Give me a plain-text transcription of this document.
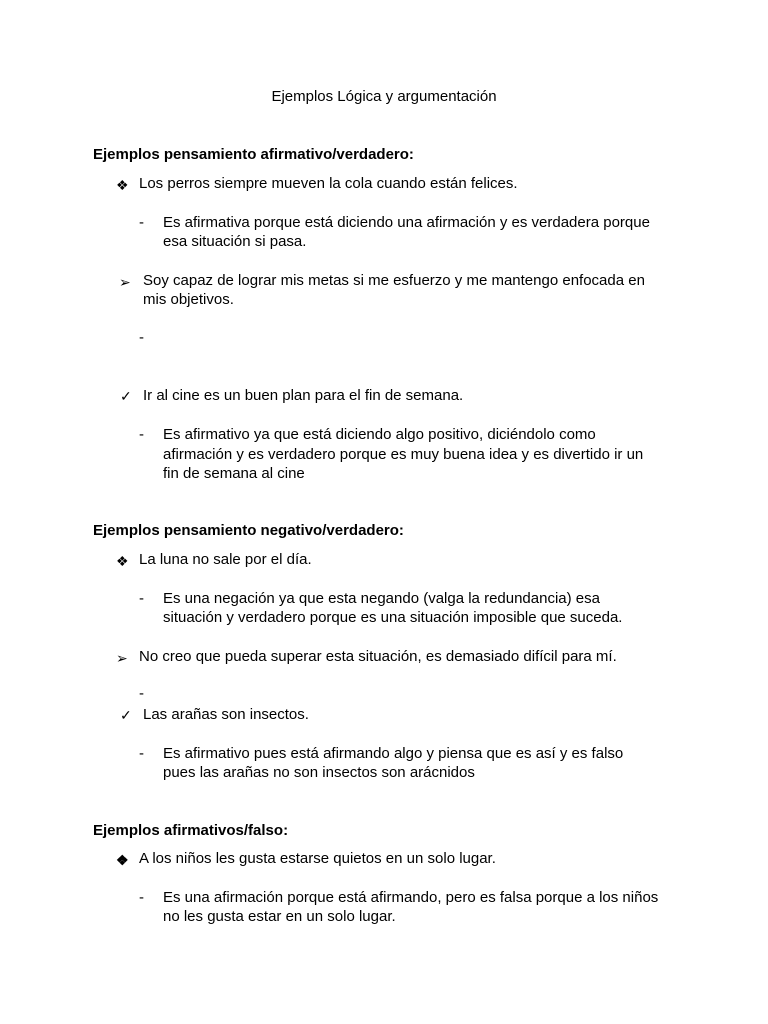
Ejemplos Lógica y argumentación
Ejemplos pensamiento afirmativo/verdadero:
❖ Los perros siempre mueven la cola cuando están felices.
- Es afirmativa porque está diciendo una afirmación y es verdadera porque
esa situación si pasa.
➢ Soy capaz de lograr mis metas si me esfuerzo y me mantengo enfocada en
mis objetivos.
-
✓ Ir al cine es un buen plan para el fin de semana.
- Es afirmativo ya que está diciendo algo positivo, diciéndolo como
afirmación y es verdadero porque es muy buena idea y es divertido ir un
fin de semana al cine
Ejemplos pensamiento negativo/verdadero:
❖ La luna no sale por el día.
- Es una negación ya que esta negando (valga la redundancia) esa
situación y verdadero porque es una situación imposible que suceda.
➢ No creo que pueda superar esta situación, es demasiado difícil para mí.
-
✓ Las arañas son insectos.
- Es afirmativo pues está afirmando algo y piensa que es así y es falso
pues las arañas no son insectos son arácnidos
Ejemplos afirmativos/falso:
❖ A los niños les gusta estarse quietos en un solo lugar.
- Es una afirmación porque está afirmando, pero es falsa porque a los niños
no les gusta estar en un solo lugar.
